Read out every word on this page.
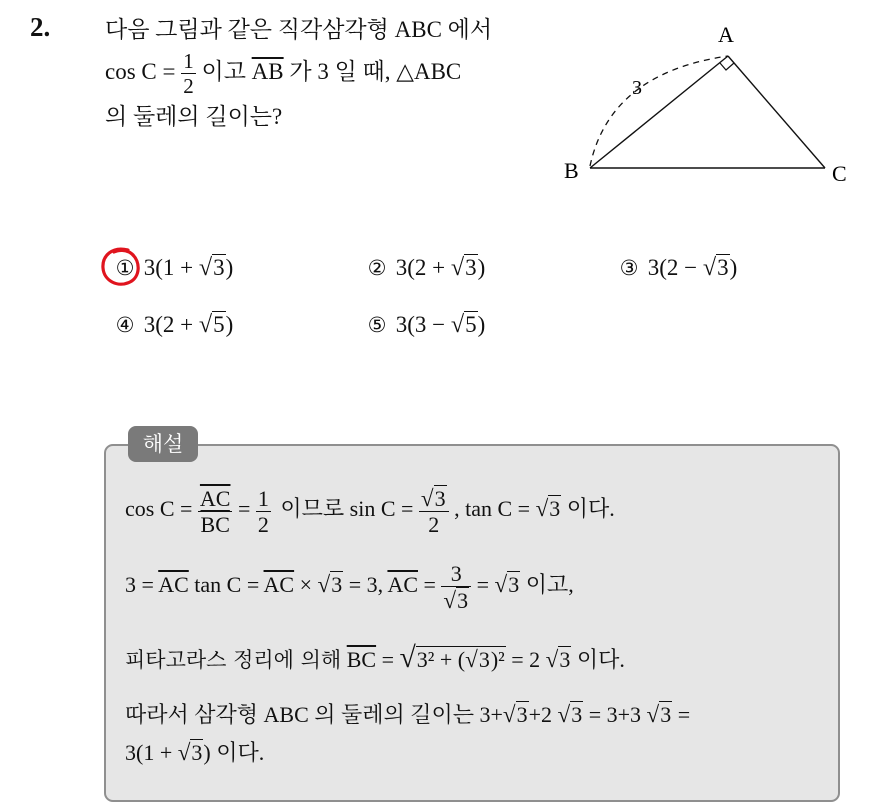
2. 다음 그림과 같은 직각삼각형 ABC 에서
$\cos C = \frac{1}{2}$ 이고 $\overline{AB}$ 가 3 일 때, △ABC
의 둘레의 길이는?
A
B	C
3
① 3(1 + √3)	② 3(2 + √3)	③ 3(2 − √3)
④ 3(2 + √5)	⑤ 3(3 − √5)
해설
$\cos C = \frac{\overline{AC}}{BC} = \frac{1}{2}$ 이므로 $\sin C = \frac{√3}{2}$ , tan C = √3 이다.
$3 = \overline{AC}$ $\tan C = \overline{AC} \times √3 = 3$, $\overline{AC} = \frac{3}{√3} = √3$ 이고,
피타고라스 정리에 의해 $\overline{BC} = √3^2 + (√3)^2 = 2$ √3 이다.
따라서 삼각형 ABC 의 둘레의 길이는 3+√3+2 √3 = 3+3 √3 =
3(1 + √3) 이다.
